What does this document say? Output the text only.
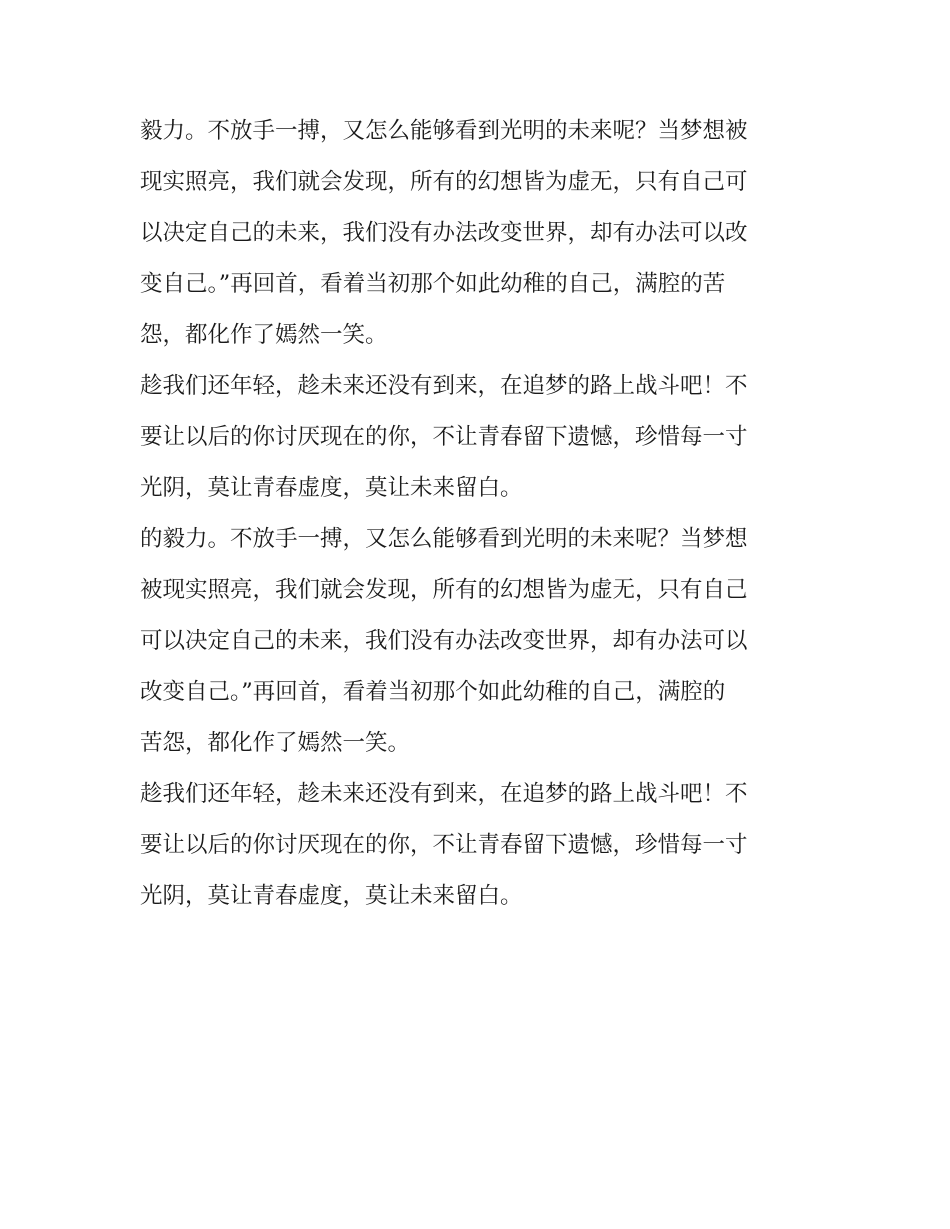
毅力。不放手一搏，又怎么能够看到光明的未来呢？当梦想被
现实照亮，我们就会发现，所有的幻想皆为虚无，只有自己可
以决定自己的未来，我们没有办法改变世界，却有办法可以改
变自己。”再回首，看着当初那个如此幼稚的自己，满腔的苦
怨，都化作了嫣然一笑。
趁我们还年轻，趁未来还没有到来，在追梦的路上战斗吧！不
要让以后的你讨厌现在的你，不让青春留下遗憾，珍惜每一寸
光阴，莫让青春虚度，莫让未来留白。
的毅力。不放手一搏，又怎么能够看到光明的未来呢？当梦想
被现实照亮，我们就会发现，所有的幻想皆为虚无，只有自己
可以决定自己的未来，我们没有办法改变世界，却有办法可以
改变自己。”再回首，看着当初那个如此幼稚的自己，满腔的
苦怨，都化作了嫣然一笑。
趁我们还年轻，趁未来还没有到来，在追梦的路上战斗吧！不
要让以后的你讨厌现在的你，不让青春留下遗憾，珍惜每一寸
光阴，莫让青春虚度，莫让未来留白。
